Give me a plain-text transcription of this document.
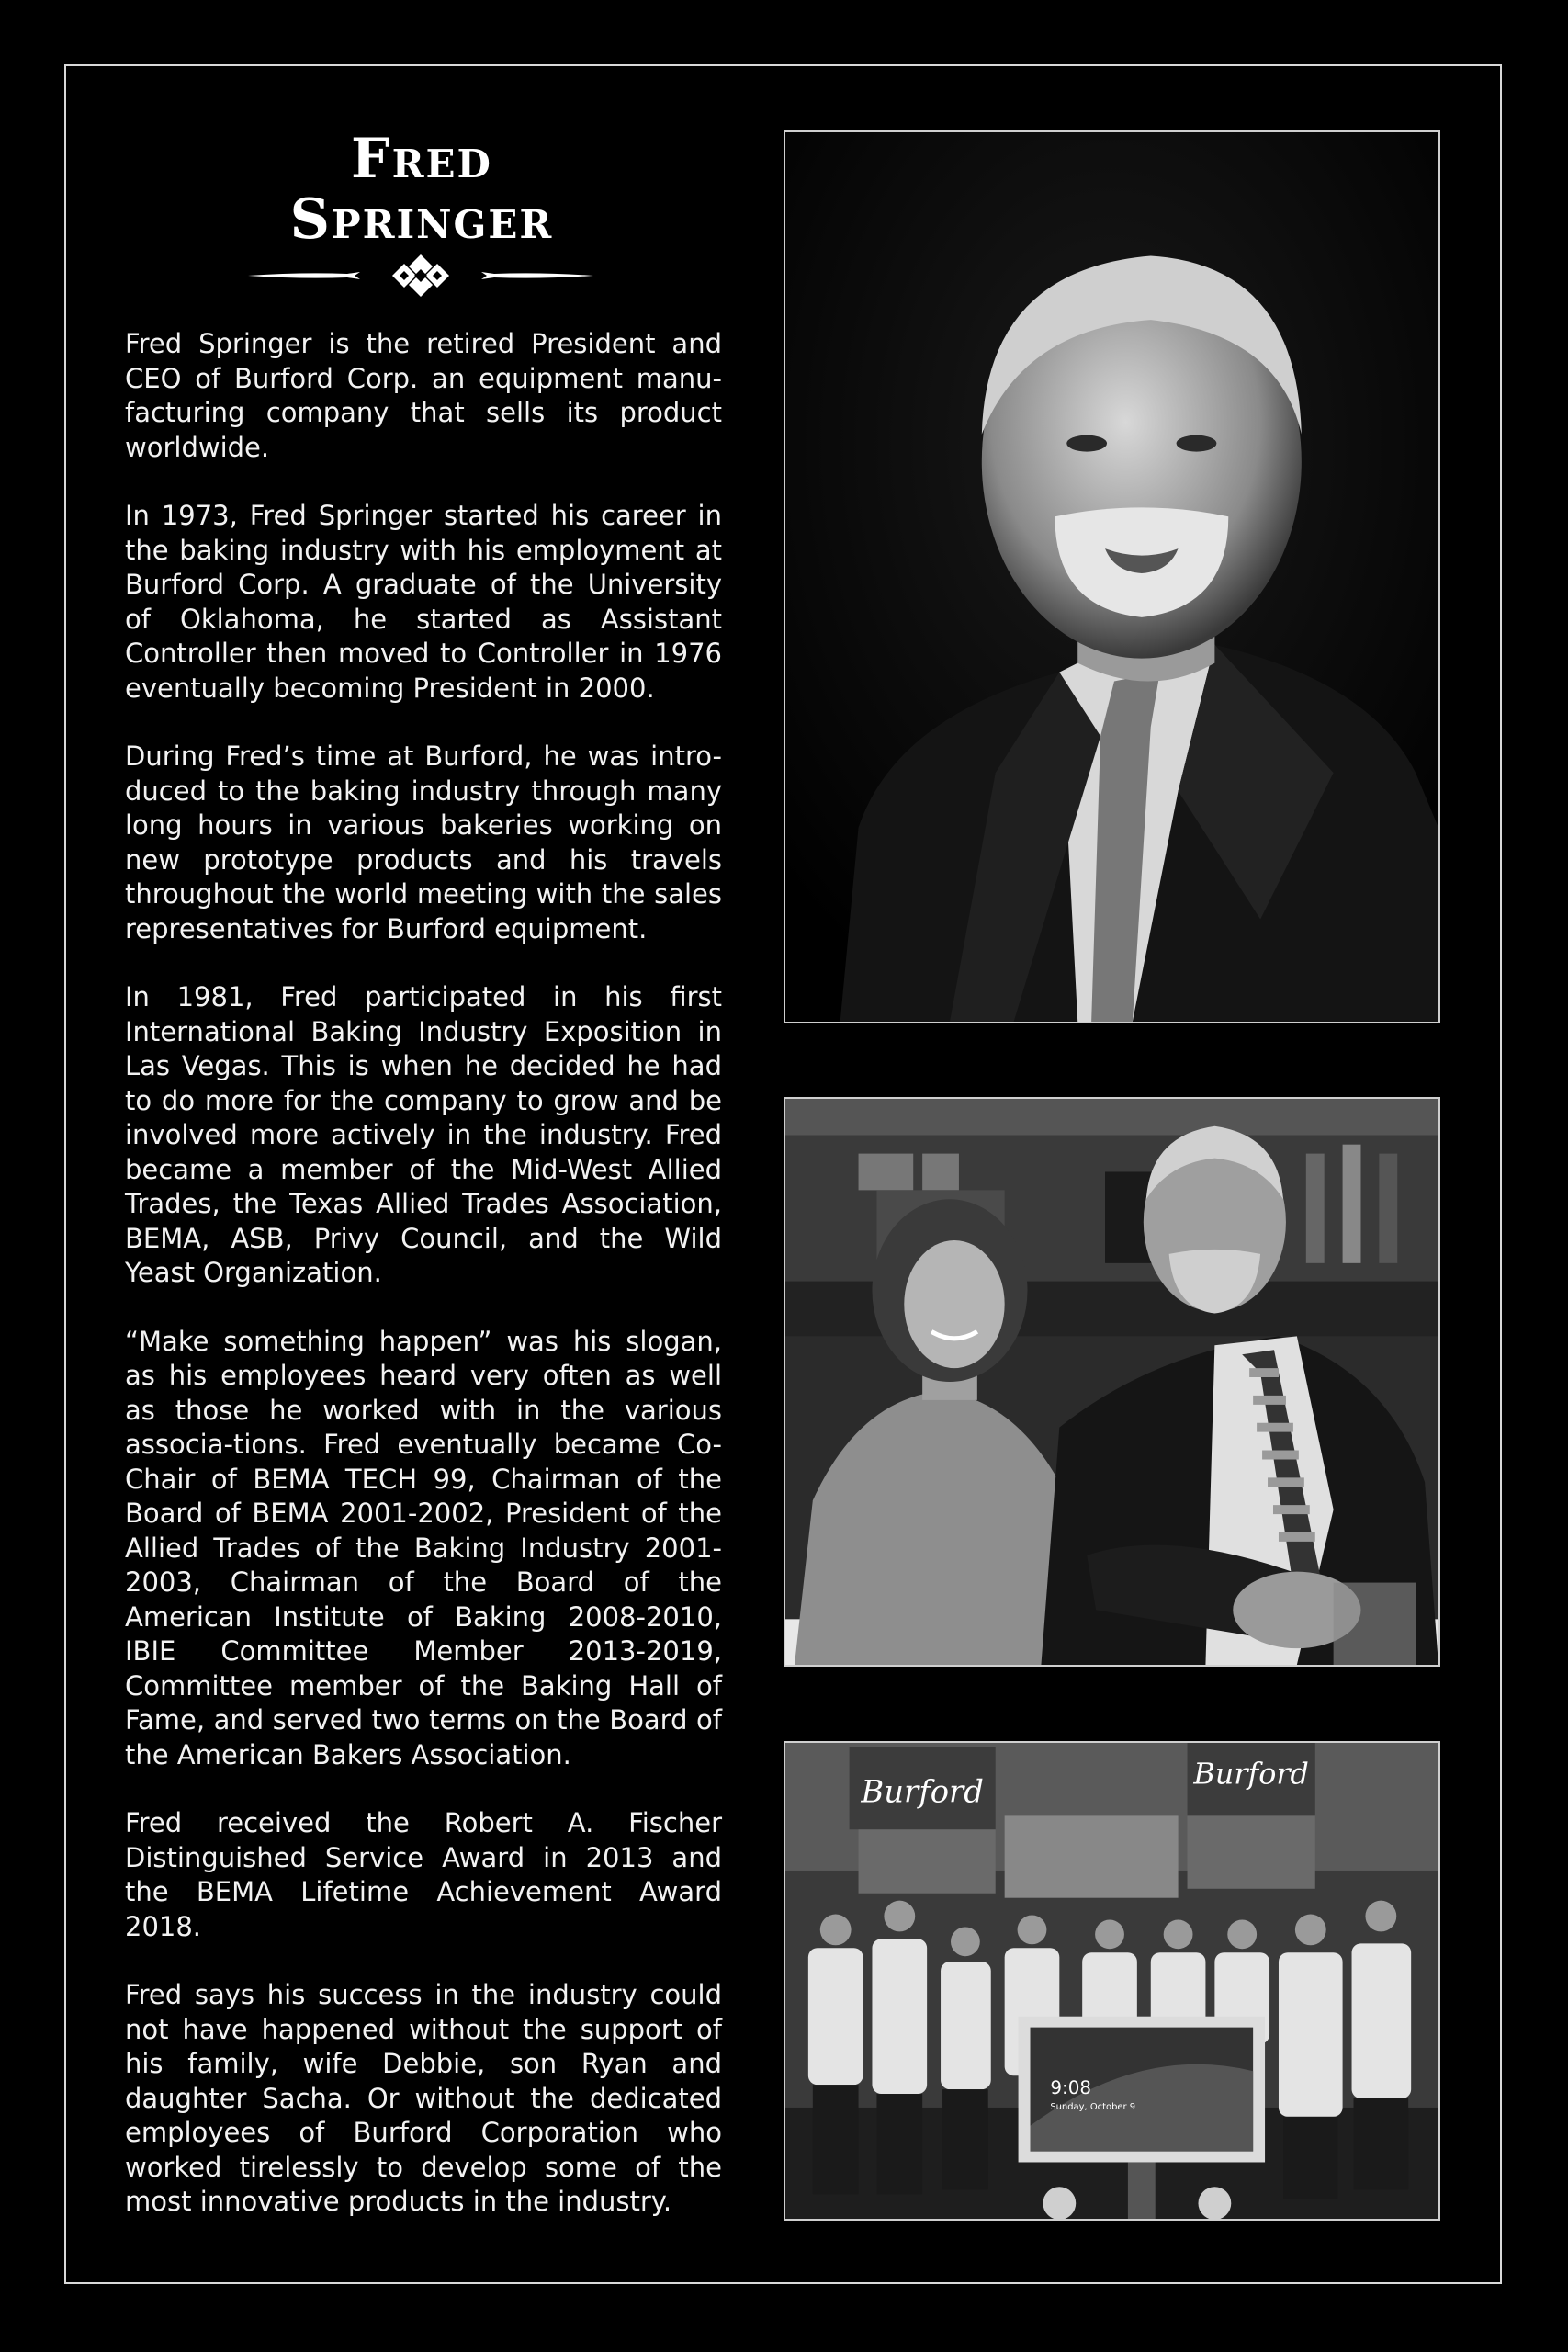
Fred
Springer

Fred Springer is the retired President and CEO of Burford Corp. an equipment manu-facturing company that sells its product worldwide.

In 1973, Fred Springer started his career in the baking industry with his employment at Burford Corp. A graduate of the University of Oklahoma, he started as Assistant Controller then moved to Controller in 1976 eventually becoming President in 2000.

During Fred’s time at Burford, he was intro-duced to the baking industry through many long hours in various bakeries working on new prototype products and his travels throughout the world meeting with the sales representatives for Burford equipment.

In 1981, Fred participated in his first International Baking Industry Exposition in Las Vegas. This is when he decided he had to do more for the company to grow and be involved more actively in the industry. Fred became a member of the Mid-West Allied Trades, the Texas Allied Trades Association, BEMA, ASB, Privy Council, and the Wild Yeast Organization.

“Make something happen” was his slogan, as his employees heard very often as well as those he worked with in the various associa-tions. Fred eventually became Co-Chair of BEMA TECH 99, Chairman of the Board of BEMA 2001-2002, President of the Allied Trades of the Baking Industry 2001-2003, Chairman of the Board of the American Institute of Baking 2008-2010, IBIE Committee Member 2013-2019, Committee member of the Baking Hall of Fame, and served two terms on the Board of the American Bakers Association.

Fred received the Robert A. Fischer Distinguished Service Award in 2013 and the BEMA Lifetime Achievement Award 2018.

Fred says his success in the industry could not have happened without the support of his family, wife Debbie, son Ryan and daughter Sacha. Or without the dedicated employees of Burford Corporation who worked tirelessly to develop some of the most innovative products in the industry.

Burford	Burford
9:08
Sunday, October 9
